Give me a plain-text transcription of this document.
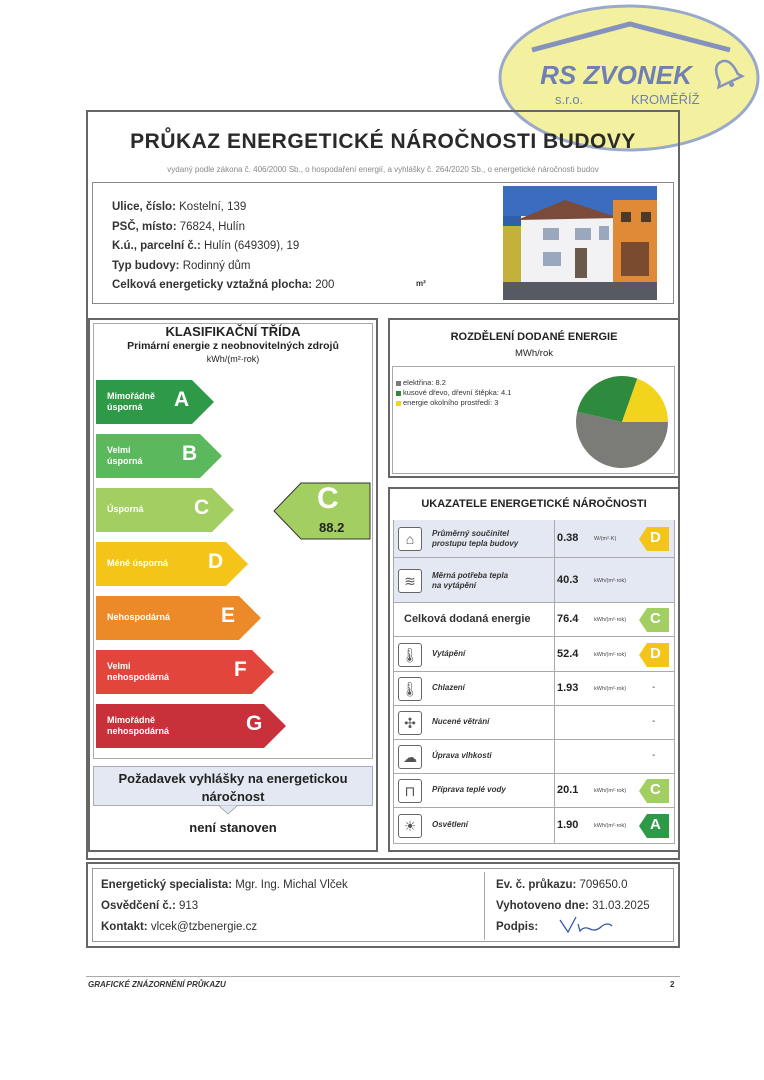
RS ZVONEK
s.r.o.	KROMĚŘÍŽ
PRŮKAZ ENERGETICKÉ NÁROČNOSTI BUDOVY
vydaný podle zákona č. 406/2000 Sb., o hospodaření energií, a vyhlášky č. 264/2020 Sb., o energetické náročnosti budov
Ulice, číslo: Kostelní, 139
PSČ, místo: 76824, Hulín
K.ú., parcelní č.: Hulín (649309), 19
Typ budovy: Rodinný dům
Celková energeticky vztažná plocha: 200	m²
KLASIFIKAČNÍ TŘÍDA
Primární energie z neobnovitelných zdrojů
kWh/(m²·rok)
Mimořádně
úsporná	A
Velmi
úsporná B
Úsporná C
Méně úsporná D
Nehospodárná E
Velmi
nehospodárná	F
Mimořádně
nehospodárná	G
C
88.2
Požadavek vyhlášky na energetickou náročnost
není stanoven
ROZDĚLENÍ DODANÉ ENERGIE
MWh/rok
elektřina: 8.2
kusové dřevo, dřevní štěpka: 4.1
energie okolního prostředí: 3
UKAZATELE ENERGETICKÉ NÁROČNOSTI
⌂	Průměrný součinitel
prostupu tepla budovy	0.38	W/(m²·K) D
≋	Měrná potřeba tepla
na vytápění	40.3	kWh/(m²·rok)
Celková dodaná energie 76.4	kWh/(m²·rok) C
🌡	Vytápění	52.4	kWh/(m²·rok) D
🌡	Chlazení	1.93	kWh/(m²·rok)	-
✣	Nucené větrání	-
☁	Úprava vlhkosti	-
⊓	Příprava teplé vody	20.1	kWh/(m²·rok) C
☀	Osvětlení	1.90	kWh/(m²·rok) A
Energetický specialista: Mgr. Ing. Michal Vlček
Osvědčení č.: 913
Kontakt: vlcek@tzbenergie.cz
Ev. č. průkazu: 709650.0
Vyhotoveno dne: 31.03.2025
Podpis:
GRAFICKÉ ZNÁZORNĚNÍ PRŮKAZU	2
